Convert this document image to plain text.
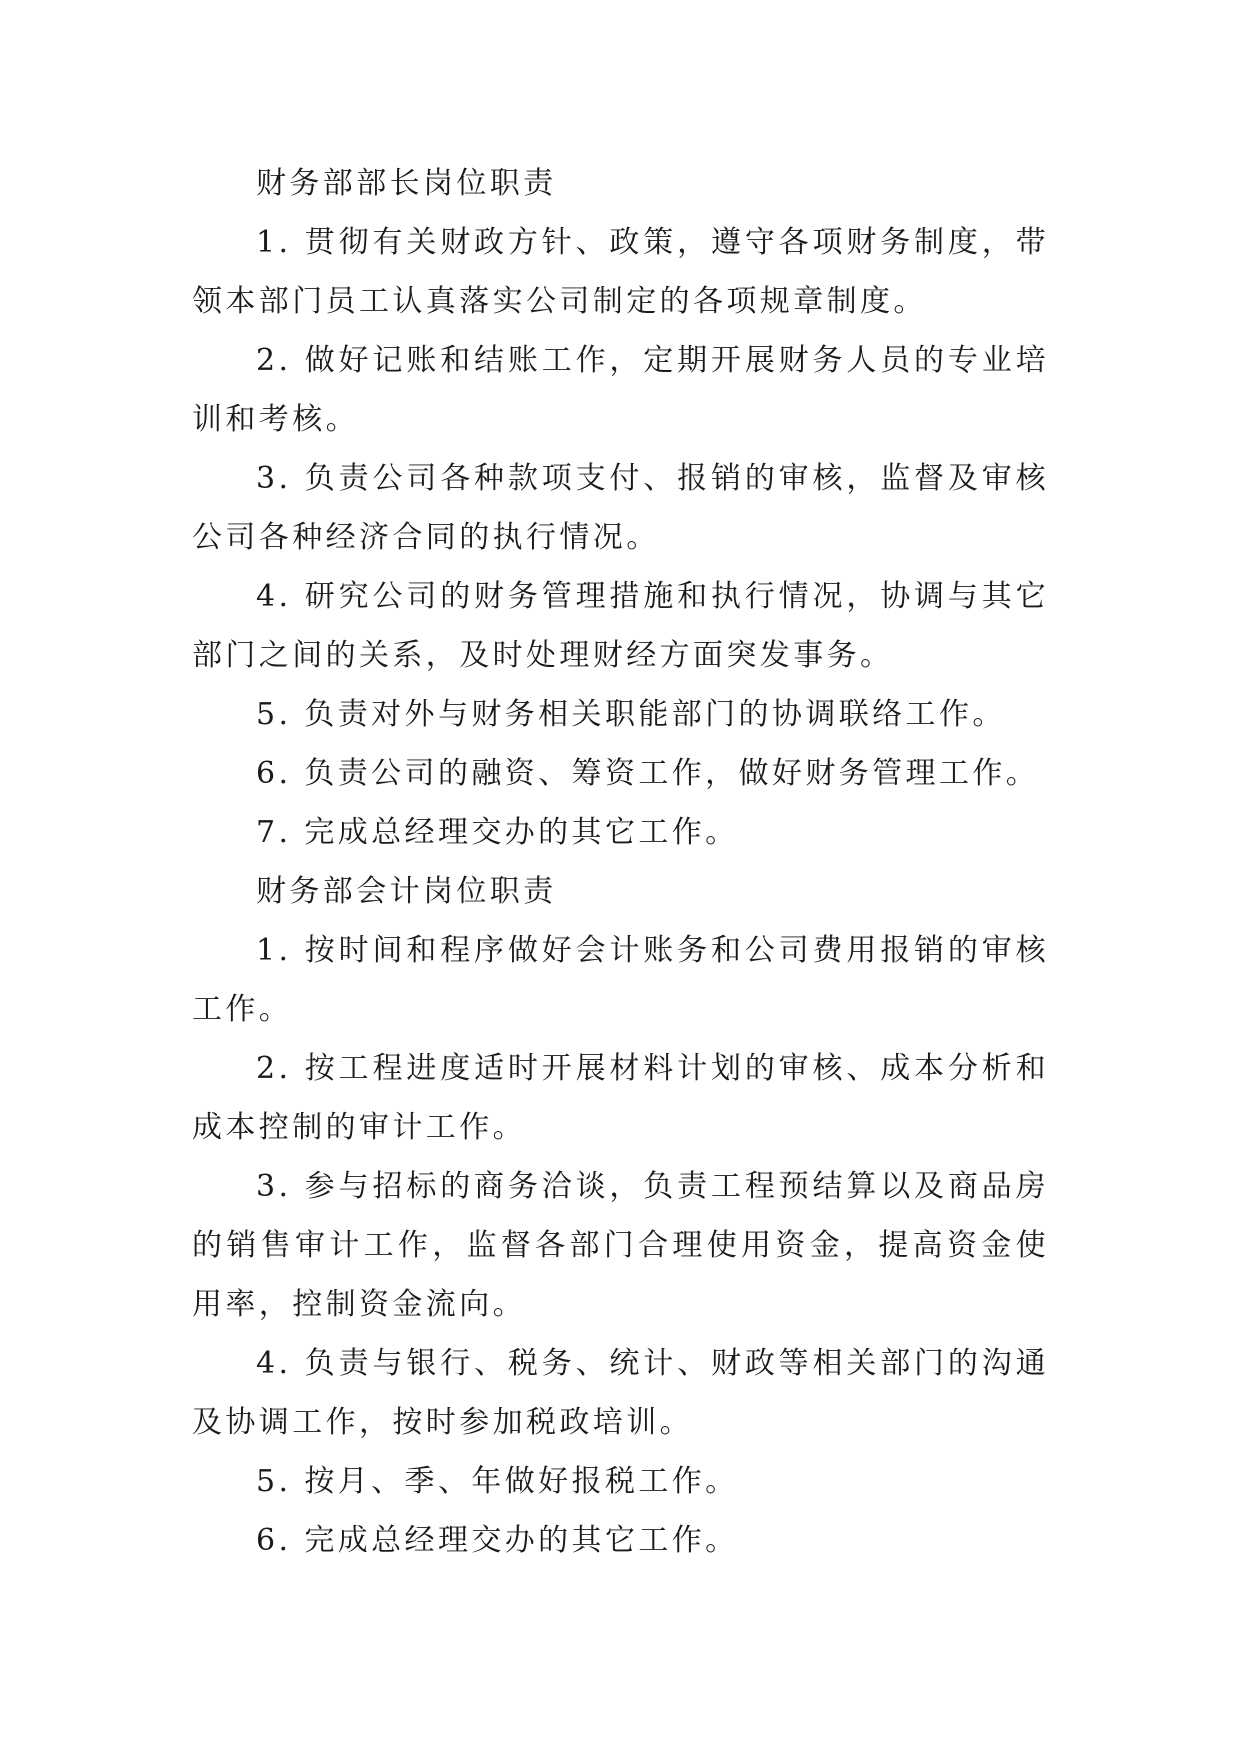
财务部部长岗位职责

1. 贯彻有关财政方针、政策，遵守各项财务制度，带领本部门员工认真落实公司制定的各项规章制度。

2. 做好记账和结账工作，定期开展财务人员的专业培训和考核。

3. 负责公司各种款项支付、报销的审核，监督及审核公司各种经济合同的执行情况。

4. 研究公司的财务管理措施和执行情况，协调与其它部门之间的关系，及时处理财经方面突发事务。

5. 负责对外与财务相关职能部门的协调联络工作。

6. 负责公司的融资、筹资工作，做好财务管理工作。

7. 完成总经理交办的其它工作。

财务部会计岗位职责

1. 按时间和程序做好会计账务和公司费用报销的审核工作。

2. 按工程进度适时开展材料计划的审核、成本分析和成本控制的审计工作。

3. 参与招标的商务洽谈，负责工程预结算以及商品房的销售审计工作，监督各部门合理使用资金，提高资金使用率，控制资金流向。

4. 负责与银行、税务、统计、财政等相关部门的沟通及协调工作，按时参加税政培训。

5. 按月、季、年做好报税工作。

6. 完成总经理交办的其它工作。
